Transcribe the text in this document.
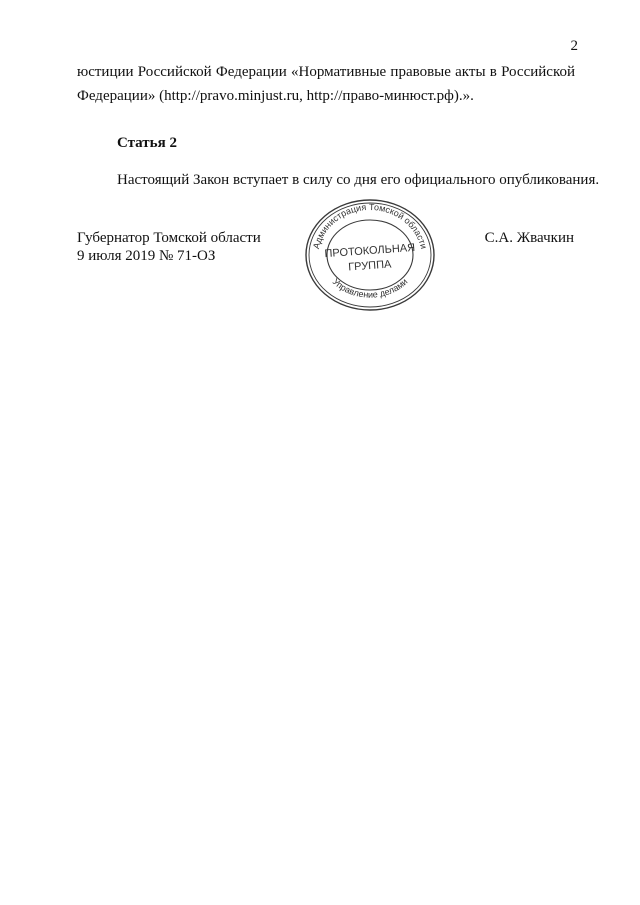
2

юстиции Российской Федерации «Нормативные правовые акты в Российской
Федерации» (http://pravo.minjust.ru, http://право-минюст.рф).».

Статья 2

Настоящий Закон вступает в силу со дня его официального опубликования.

Губернатор Томской области
9 июля 2019 № 71-ОЗ
С.А. Жвачкин
Администрация Томской области
Управление делами
ПРОТОКОЛЬНАЯ
ГРУППА
